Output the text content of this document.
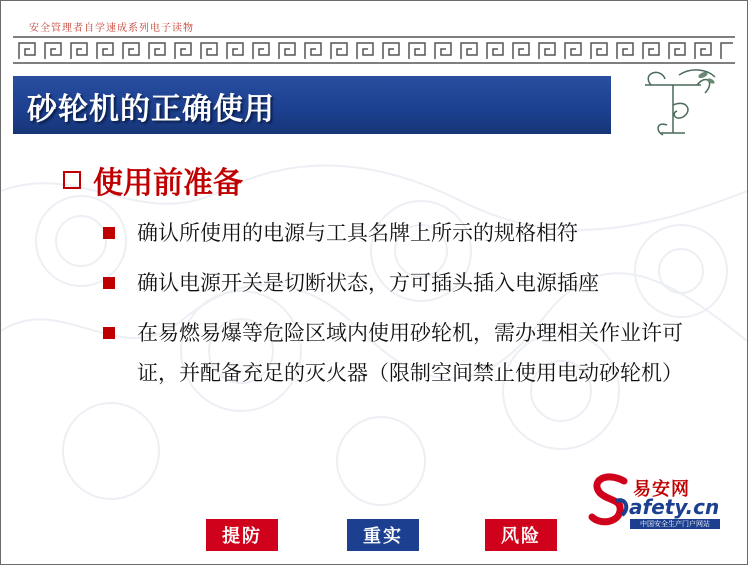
安全管理者自学速成系列电子读物
砂轮机的正确使用
使用前准备
确认所使用的电源与工具名牌上所示的规格相符
确认电源开关是切断状态，方可插头插入电源插座
在易燃易爆等危险区域内使用砂轮机，需办理相关作业许可证，并配备充足的灭火器（限制空间禁止使用电动砂轮机）
易安网
afety.cn
中国安全生产门户网站
提防	重实	风险
